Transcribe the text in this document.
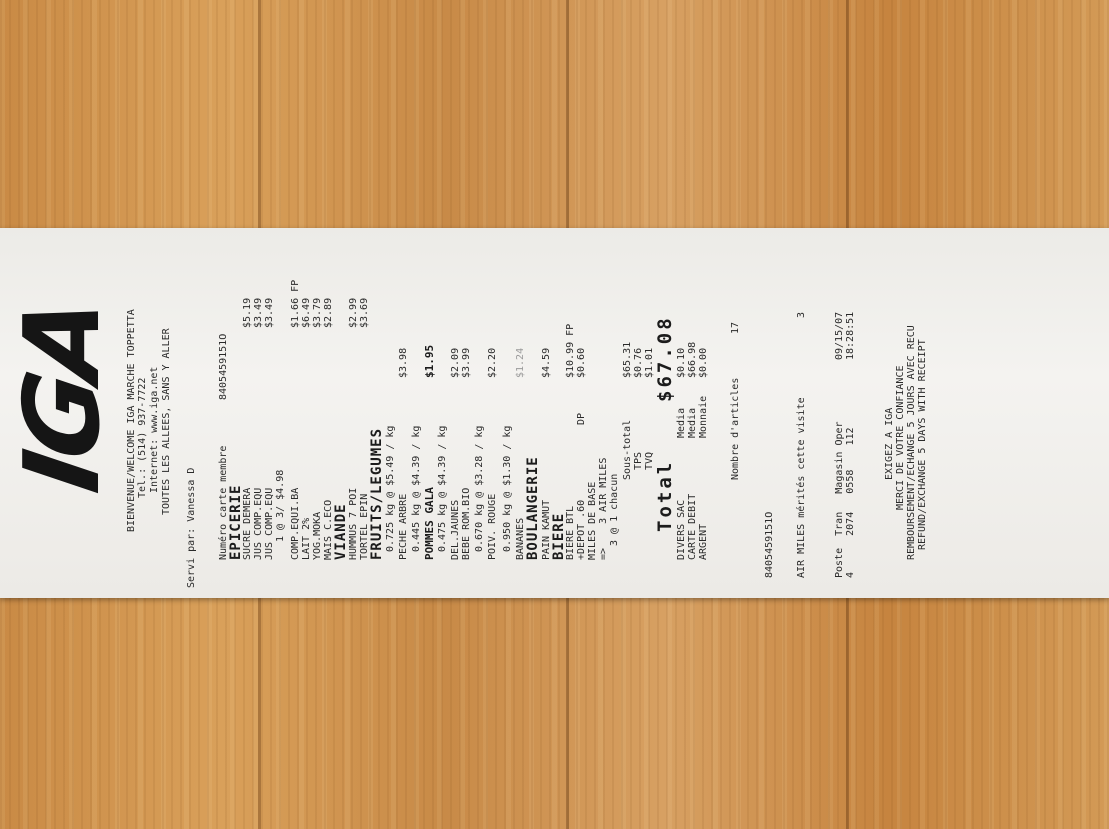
IGA BIENVENUE/WELCOME IGA MARCHE TOPPETTA Tel.: (514) 937-7722 Internet: www.iga.net TOUTES LES ALLEES, SANS Y ALLER
Servi par: Vanessa D Numéro carte membre
8405459151O
EPICERIE
SUCRE DEMERA
$5.19
JUS COMP.EQU
$3.49
JUS COMP.EQU
$3.49
1 @ 3/ $4.98 COMP.EQUI.BA
$1.66 FP
LAIT 2%
$6.49
YOG.MOKA
$3.79
MAIS C.ECO
$2.89
VIANDE HUMMUS 7 POI
$2.99
TORTEL EPIN
$3.69
FRUITS/LEGUMES 0.725 kg @ $5.49 / kg PECHE ARBRE
$3.98
0.445 kg @ $4.39 / kg POMMES GALA
$1.95
0.475 kg @ $4.39 / kg DEL.JAUNES
$2.09
BEBE ROM.BIO
$3.99
0.670 kg @ $3.28 / kg POIV. ROUGE
$2.20
0.950 kg @ $1.30 / kg BANANES
$1.24
BOULANGERIE PAIN KAMUT
$4.59
BIERE
BIERE BTL
$10.99 FP
+DEPOT .60
DP
$0.60
MILES DE BASE =>    3 AIR MILES 3 @ 1 chacun
Sous-total
$65.31
TPS
$0.76
TVQ
$1.01
Total
$67.08
DIVERS SAC
Media
$0.10
CARTE DEBIT
Media
$66.98
ARGENT
Monnaie
$0.00
Nombre d'articles
17
8405459151O AIR MILES mérités cette visite
3
Poste  Tran   Magasin Oper
09/15/07
4      2074   0558    112
18:28:51
EXIGEZ A IGA MERCI DE VOTRE CONFIANCE REMBOURSEMENT/ECHANGE 5 JOURS AVEC RECU REFUND/EXCHANGE 5 DAYS WITH RECEIPT
